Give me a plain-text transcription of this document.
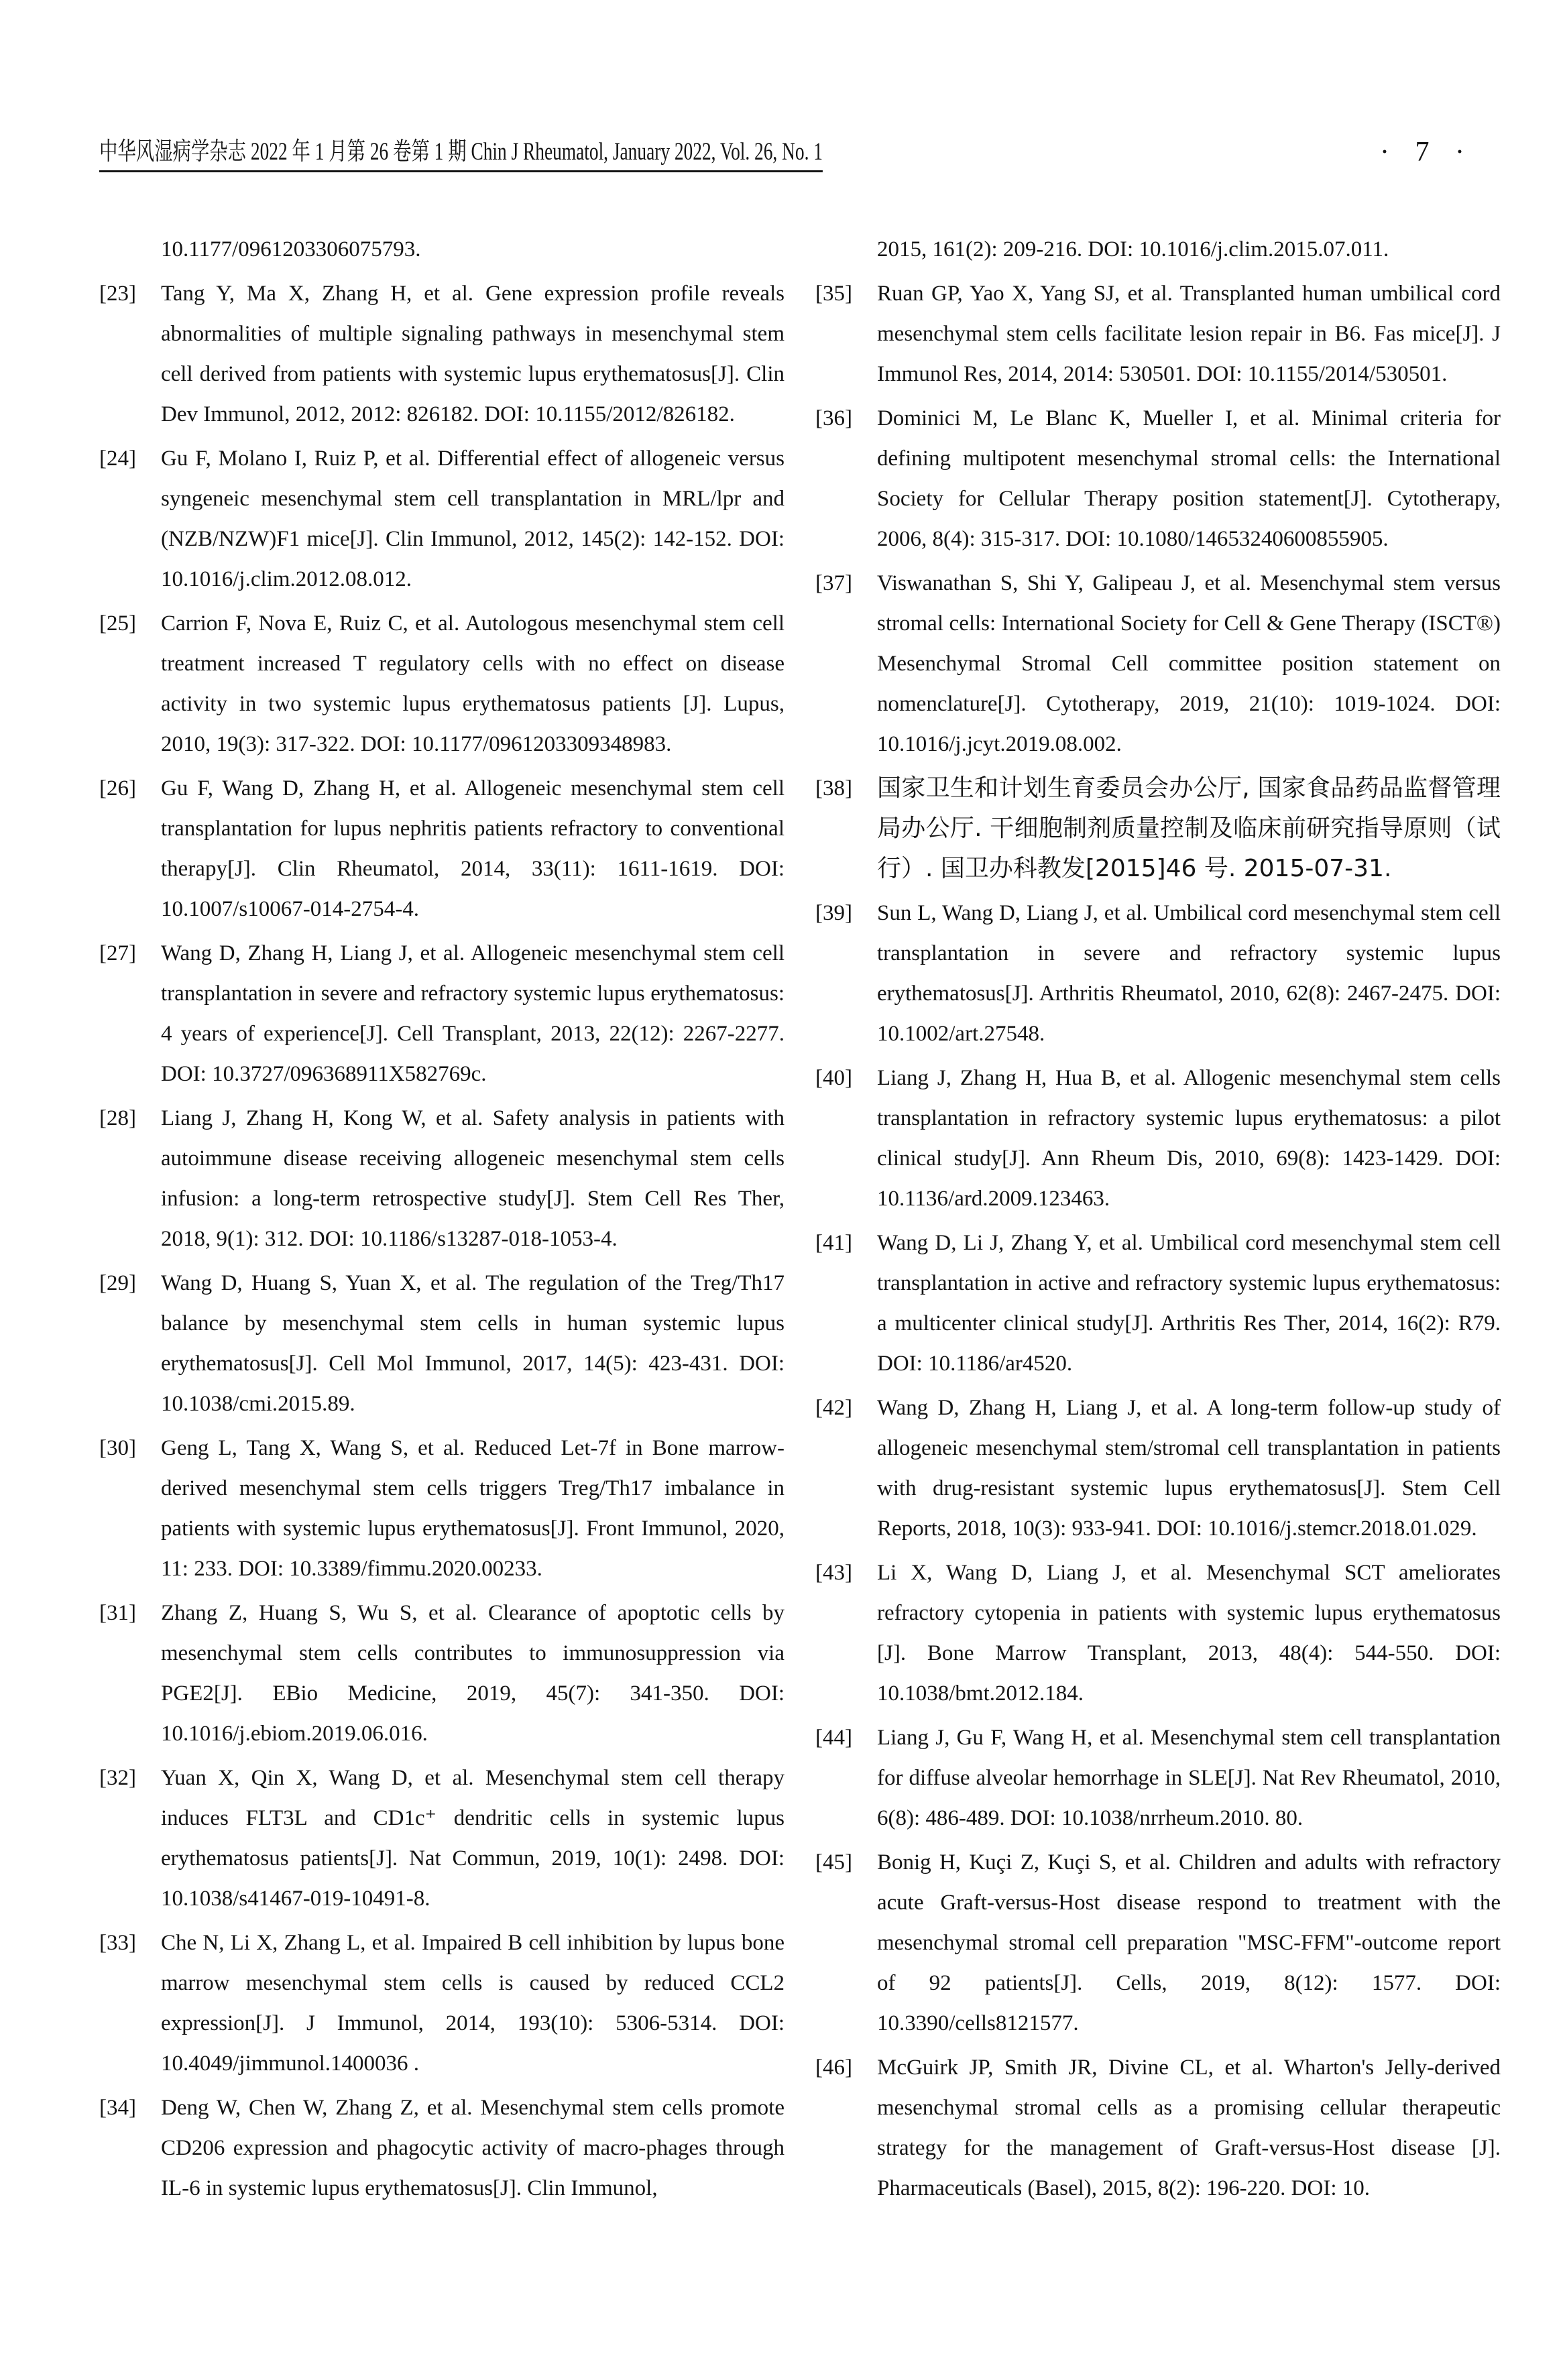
中华风湿病学杂志 2022 年 1 月第 26 卷第 1 期 Chin J Rheumatol, January 2022, Vol. 26, No. 1	· 7 ·
10.1177/0961203306075793.
[23]	Tang Y, Ma X, Zhang H, et al. Gene expression profile reveals abnormalities of multiple signaling pathways in mesenchymal stem cell derived from patients with systemic lupus erythematosus[J]. Clin Dev Immunol, 2012, 2012: 826182. DOI: 10.1155/2012/826182.
[24]	Gu F, Molano I, Ruiz P, et al. Differential effect of allogeneic versus syngeneic mesenchymal stem cell transplantation in MRL/lpr and (NZB/NZW)F1 mice[J]. Clin Immunol, 2012, 145(2): 142-152. DOI: 10.1016/j.clim.2012.08.012.
[25]	Carrion F, Nova E, Ruiz C, et al. Autologous mesenchymal stem cell treatment increased T regulatory cells with no effect on disease activity in two systemic lupus erythematosus patients [J]. Lupus, 2010, 19(3): 317-322. DOI: 10.1177/0961203309348983.
[26]	Gu F, Wang D, Zhang H, et al. Allogeneic mesenchymal stem cell transplantation for lupus nephritis patients refractory to conventional therapy[J]. Clin Rheumatol, 2014, 33(11): 1611-1619. DOI: 10.1007/s10067-014-2754-4.
[27]	Wang D, Zhang H, Liang J, et al. Allogeneic mesenchymal stem cell transplantation in severe and refractory systemic lupus erythematosus: 4 years of experience[J]. Cell Transplant, 2013, 22(12): 2267-2277. DOI: 10.3727/096368911X582769c.
[28]	Liang J, Zhang H, Kong W, et al. Safety analysis in patients with autoimmune disease receiving allogeneic mesenchymal stem cells infusion: a long-term retrospective study[J]. Stem Cell Res Ther, 2018, 9(1): 312. DOI: 10.1186/s13287-018-1053-4.
[29]	Wang D, Huang S, Yuan X, et al. The regulation of the Treg/Th17 balance by mesenchymal stem cells in human systemic lupus erythematosus[J]. Cell Mol Immunol, 2017, 14(5): 423-431. DOI: 10.1038/cmi.2015.89.
[30]	Geng L, Tang X, Wang S, et al. Reduced Let-7f in Bone marrow-derived mesenchymal stem cells triggers Treg/Th17 imbalance in patients with systemic lupus erythematosus[J]. Front Immunol, 2020, 11: 233. DOI: 10.3389/fimmu.2020.00233.
[31]	Zhang Z, Huang S, Wu S, et al. Clearance of apoptotic cells by mesenchymal stem cells contributes to immunosuppression via PGE2[J]. EBio Medicine, 2019, 45(7): 341-350. DOI: 10.1016/j.ebiom.2019.06.016.
[32]	Yuan X, Qin X, Wang D, et al. Mesenchymal stem cell therapy induces FLT3L and CD1c⁺ dendritic cells in systemic lupus erythematosus patients[J]. Nat Commun, 2019, 10(1): 2498. DOI: 10.1038/s41467-019-10491-8.
[33]	Che N, Li X, Zhang L, et al. Impaired B cell inhibition by lupus bone marrow mesenchymal stem cells is caused by reduced CCL2 expression[J]. J Immunol, 2014, 193(10): 5306-5314. DOI: 10.4049/jimmunol.1400036 .
[34]	Deng W, Chen W, Zhang Z, et al. Mesenchymal stem cells promote CD206 expression and phagocytic activity of macro-phages through IL-6 in systemic lupus erythematosus[J]. Clin Immunol,
2015, 161(2): 209-216. DOI: 10.1016/j.clim.2015.07.011.
[35]	Ruan GP, Yao X, Yang SJ, et al. Transplanted human umbilical cord mesenchymal stem cells facilitate lesion repair in B6. Fas mice[J]. J Immunol Res, 2014, 2014: 530501. DOI: 10.1155/2014/530501.
[36]	Dominici M, Le Blanc K, Mueller I, et al. Minimal criteria for defining multipotent mesenchymal stromal cells: the International Society for Cellular Therapy position statement[J]. Cytotherapy, 2006, 8(4): 315-317. DOI: 10.1080/14653240600855905.
[37]	Viswanathan S, Shi Y, Galipeau J, et al. Mesenchymal stem versus stromal cells: International Society for Cell & Gene Therapy (ISCT®) Mesenchymal Stromal Cell committee position statement on nomenclature[J]. Cytotherapy, 2019, 21(10): 1019-1024. DOI: 10.1016/j.jcyt.2019.08.002.
[38]	国家卫生和计划生育委员会办公厅, 国家食品药品监督管理局办公厅. 干细胞制剂质量控制及临床前研究指导原则（试行）. 国卫办科教发[2015]46 号. 2015-07-31.
[39]	Sun L, Wang D, Liang J, et al. Umbilical cord mesenchymal stem cell transplantation in severe and refractory systemic lupus erythematosus[J]. Arthritis Rheumatol, 2010, 62(8): 2467-2475. DOI: 10.1002/art.27548.
[40]	Liang J, Zhang H, Hua B, et al. Allogenic mesenchymal stem cells transplantation in refractory systemic lupus erythematosus: a pilot clinical study[J]. Ann Rheum Dis, 2010, 69(8): 1423-1429. DOI: 10.1136/ard.2009.123463.
[41]	Wang D, Li J, Zhang Y, et al. Umbilical cord mesenchymal stem cell transplantation in active and refractory systemic lupus erythematosus: a multicenter clinical study[J]. Arthritis Res Ther, 2014, 16(2): R79. DOI: 10.1186/ar4520.
[42]	Wang D, Zhang H, Liang J, et al. A long-term follow-up study of allogeneic mesenchymal stem/stromal cell transplantation in patients with drug-resistant systemic lupus erythematosus[J]. Stem Cell Reports, 2018, 10(3): 933-941. DOI: 10.1016/j.stemcr.2018.01.029.
[43]	Li X, Wang D, Liang J, et al. Mesenchymal SCT ameliorates refractory cytopenia in patients with systemic lupus erythematosus [J]. Bone Marrow Transplant, 2013, 48(4): 544-550. DOI: 10.1038/bmt.2012.184.
[44]	Liang J, Gu F, Wang H, et al. Mesenchymal stem cell transplantation for diffuse alveolar hemorrhage in SLE[J]. Nat Rev Rheumatol, 2010, 6(8): 486-489. DOI: 10.1038/nrrheum.2010. 80.
[45]	Bonig H, Kuçi Z, Kuçi S, et al. Children and adults with refractory acute Graft-versus-Host disease respond to treatment with the mesenchymal stromal cell preparation "MSC-FFM"-outcome report of 92 patients[J]. Cells, 2019, 8(12): 1577. DOI: 10.3390/cells8121577.
[46]	McGuirk JP, Smith JR, Divine CL, et al. Wharton's Jelly-derived mesenchymal stromal cells as a promising cellular therapeutic strategy for the management of Graft-versus-Host disease [J]. Pharmaceuticals (Basel), 2015, 8(2): 196-220. DOI: 10.
